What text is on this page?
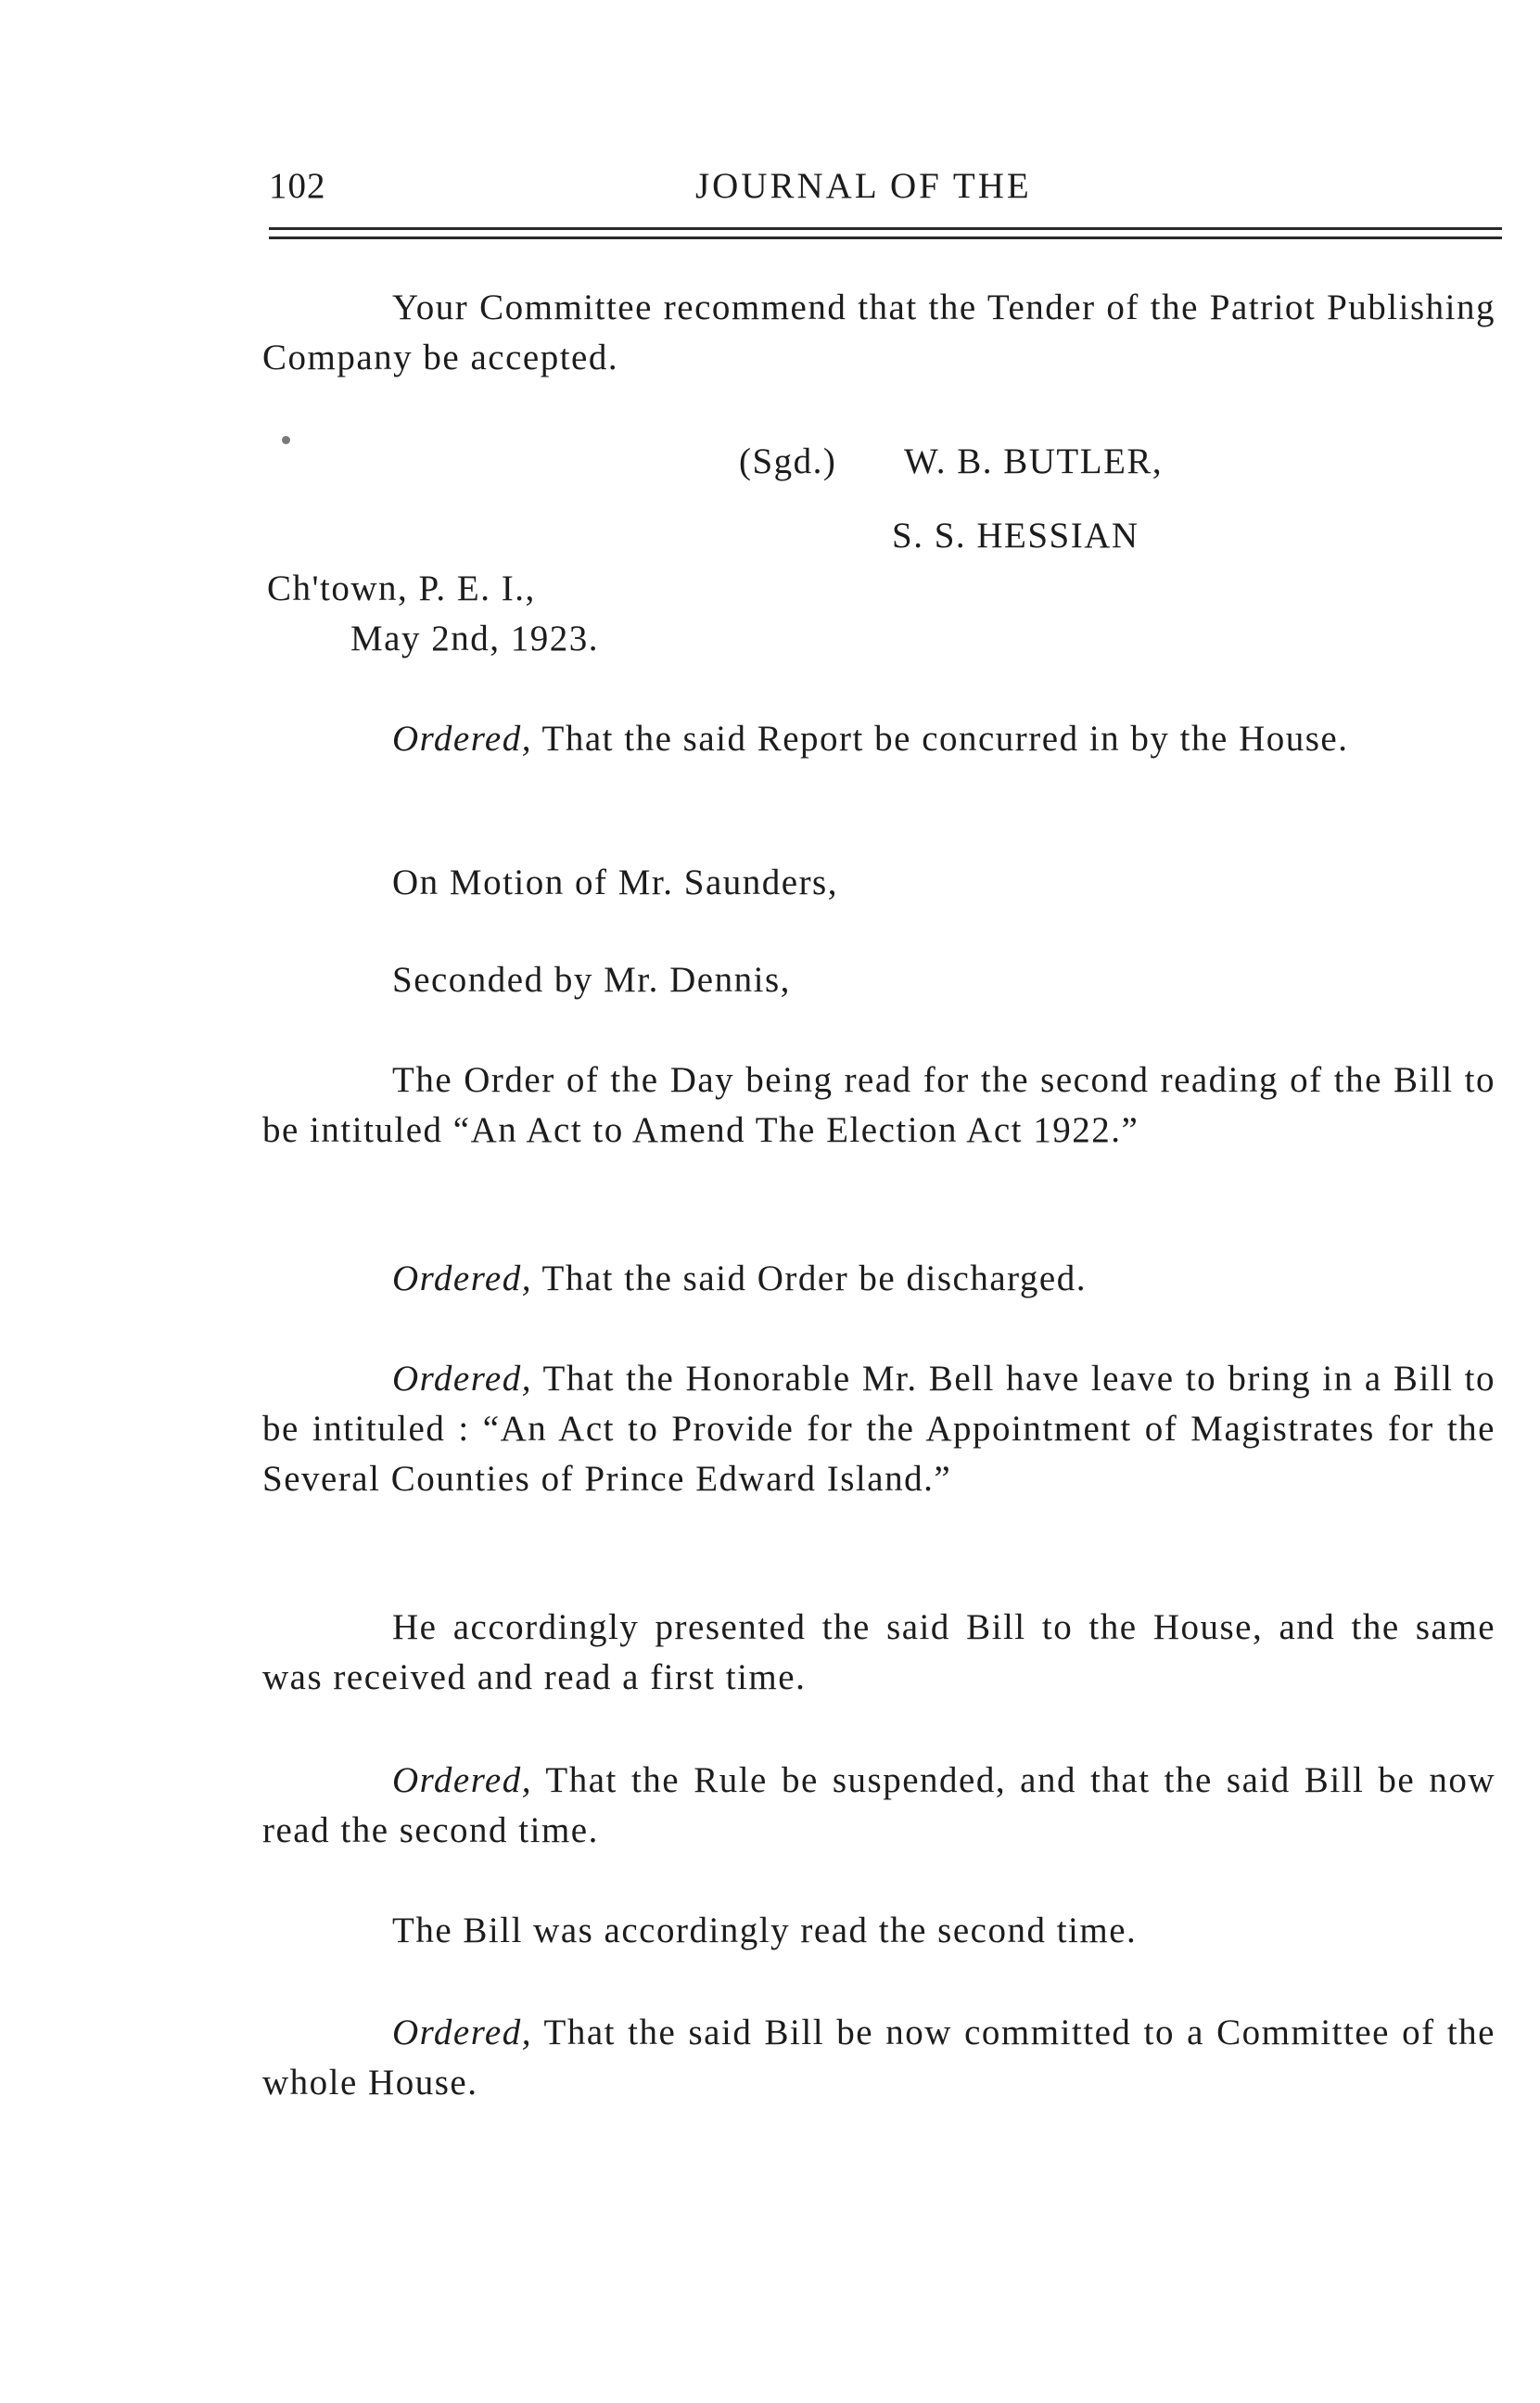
102	JOURNAL OF THE

Your Committee recommend that the Tender of the Patriot Publishing Company be accepted.

(Sgd.) W. B. BUTLER,
S. S. HESSIAN
Ch'town, P. E. I.,
May 2nd, 1923.

Ordered, That the said Report be concurred in by the House.

On Motion of Mr. Saunders,

Seconded by Mr. Dennis,

The Order of the Day being read for the second reading of the Bill to be intituled “An Act to Amend The Election Act 1922.”

Ordered, That the said Order be discharged.

Ordered, That the Honorable Mr. Bell have leave to bring in a Bill to be intituled : “An Act to Provide for the Appointment of Magistrates for the Several Counties of Prince Edward Island.”

He accordingly presented the said Bill to the House, and the same was received and read a first time.

Ordered, That the Rule be suspended, and that the said Bill be now read the second time.

The Bill was accordingly read the second time.

Ordered, That the said Bill be now committed to a Committee of the whole House.
